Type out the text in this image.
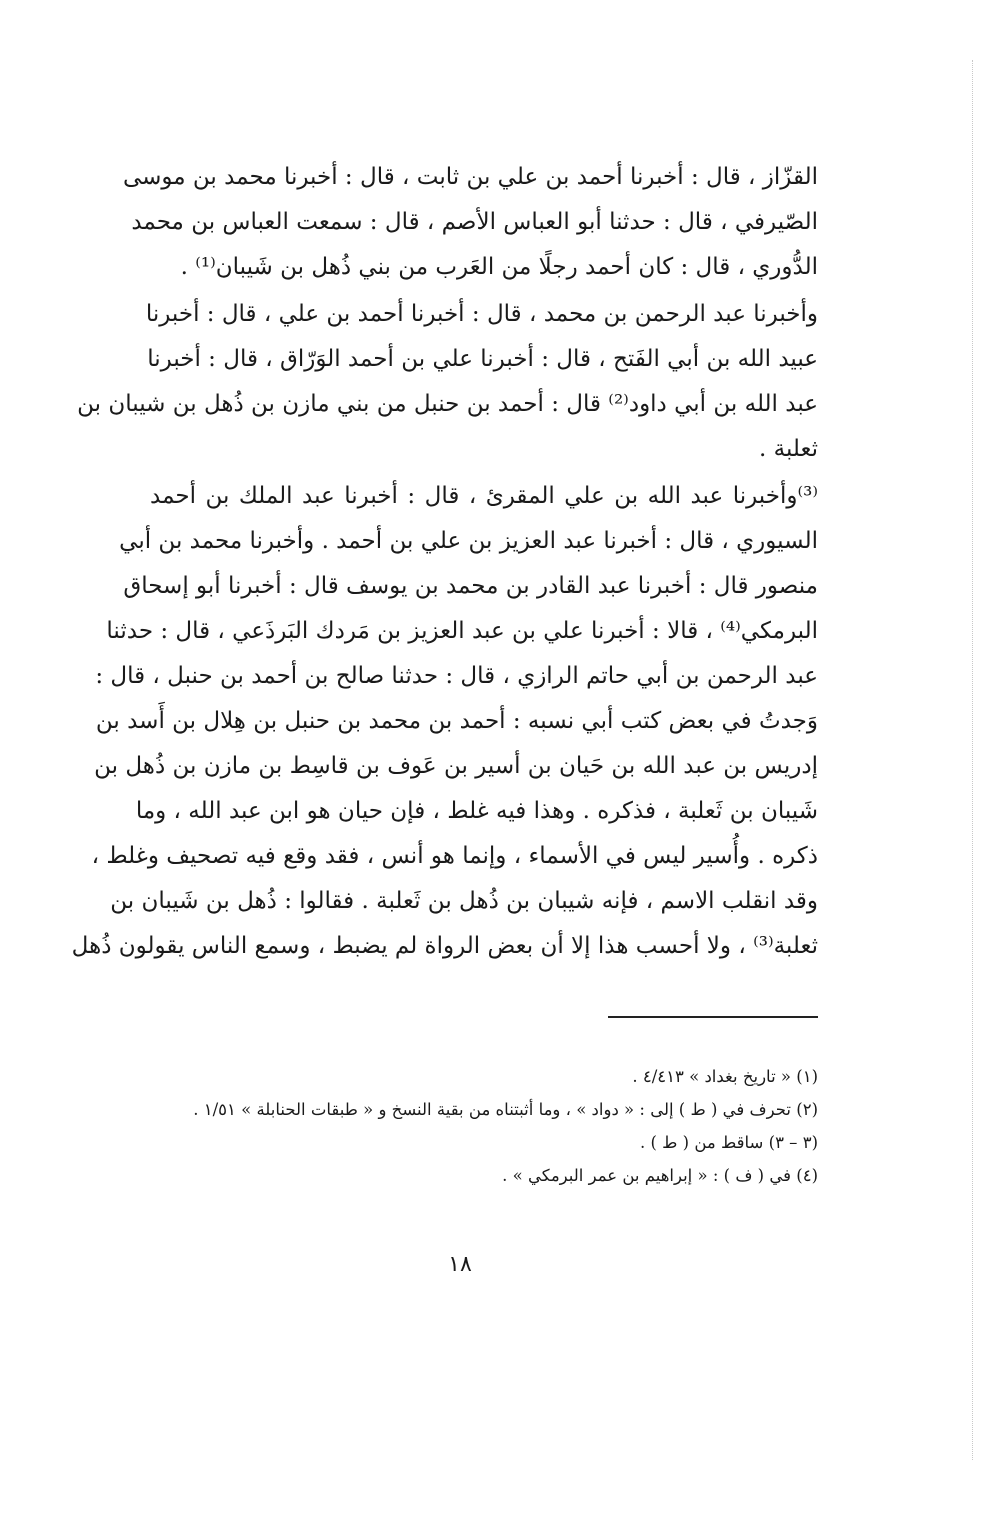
القزّاز ، قال : أخبرنا أحمد بن علي بن ثابت ، قال : أخبرنا محمد بن موسى
الصّيرفي ، قال : حدثنا أبو العباس الأصم ، قال : سمعت العباس بن محمد
الدُّوري ، قال : كان أحمد رجلًا من العَرب من بني ذُهل بن شَيبان⁽¹⁾ .

وأخبرنا عبد الرحمن بن محمد ، قال : أخبرنا أحمد بن علي ، قال : أخبرنا
عبيد الله بن أبي الفَتح ، قال : أخبرنا علي بن أحمد الوَرّاق ، قال : أخبرنا
عبد الله بن أبي داود⁽²⁾ قال : أحمد بن حنبل من بني مازن بن ذُهل بن شيبان بن
ثعلبة .

⁽³⁾وأخبرنا عبد الله بن علي المقرئ ، قال : أخبرنا عبد الملك بن أحمد
السيوري ، قال : أخبرنا عبد العزيز بن علي بن أحمد . وأخبرنا محمد بن أبي
منصور قال : أخبرنا عبد القادر بن محمد بن يوسف قال : أخبرنا أبو إسحاق
البرمكي⁽⁴⁾ ، قالا : أخبرنا علي بن عبد العزيز بن مَردك البَرذَعي ، قال : حدثنا
عبد الرحمن بن أبي حاتم الرازي ، قال : حدثنا صالح بن أحمد بن حنبل ، قال :
وَجدتُ في بعض كتب أبي نسبه : أحمد بن محمد بن حنبل بن هِلال بن أَسد بن
إدريس بن عبد الله بن حَيان بن أسير بن عَوف بن قاسِط بن مازن بن ذُهل بن
شَيبان بن ثَعلبة ، فذكره . وهذا فيه غلط ، فإن حيان هو ابن عبد الله ، وما
ذكره . وأُسير ليس في الأسماء ، وإنما هو أنس ، فقد وقع فيه تصحيف وغلط ،
وقد انقلب الاسم ، فإنه شيبان بن ذُهل بن ثَعلبة . فقالوا : ذُهل بن شَيبان بن
ثعلبة⁽³⁾ ، ولا أحسب هذا إلا أن بعض الرواة لم يضبط ، وسمع الناس يقولون ذُهل

(١) « تاريخ بغداد » ٤/٤١٣ .
(٢) تحرف في ( ط ) إلى : « دواد » ، وما أثبتناه من بقية النسخ و « طبقات الحنابلة » ١/٥١ .
(٣ – ٣) ساقط من ( ط ) .
(٤) في ( ف ) : « إبراهيم بن عمر البرمكي » .
١٨
